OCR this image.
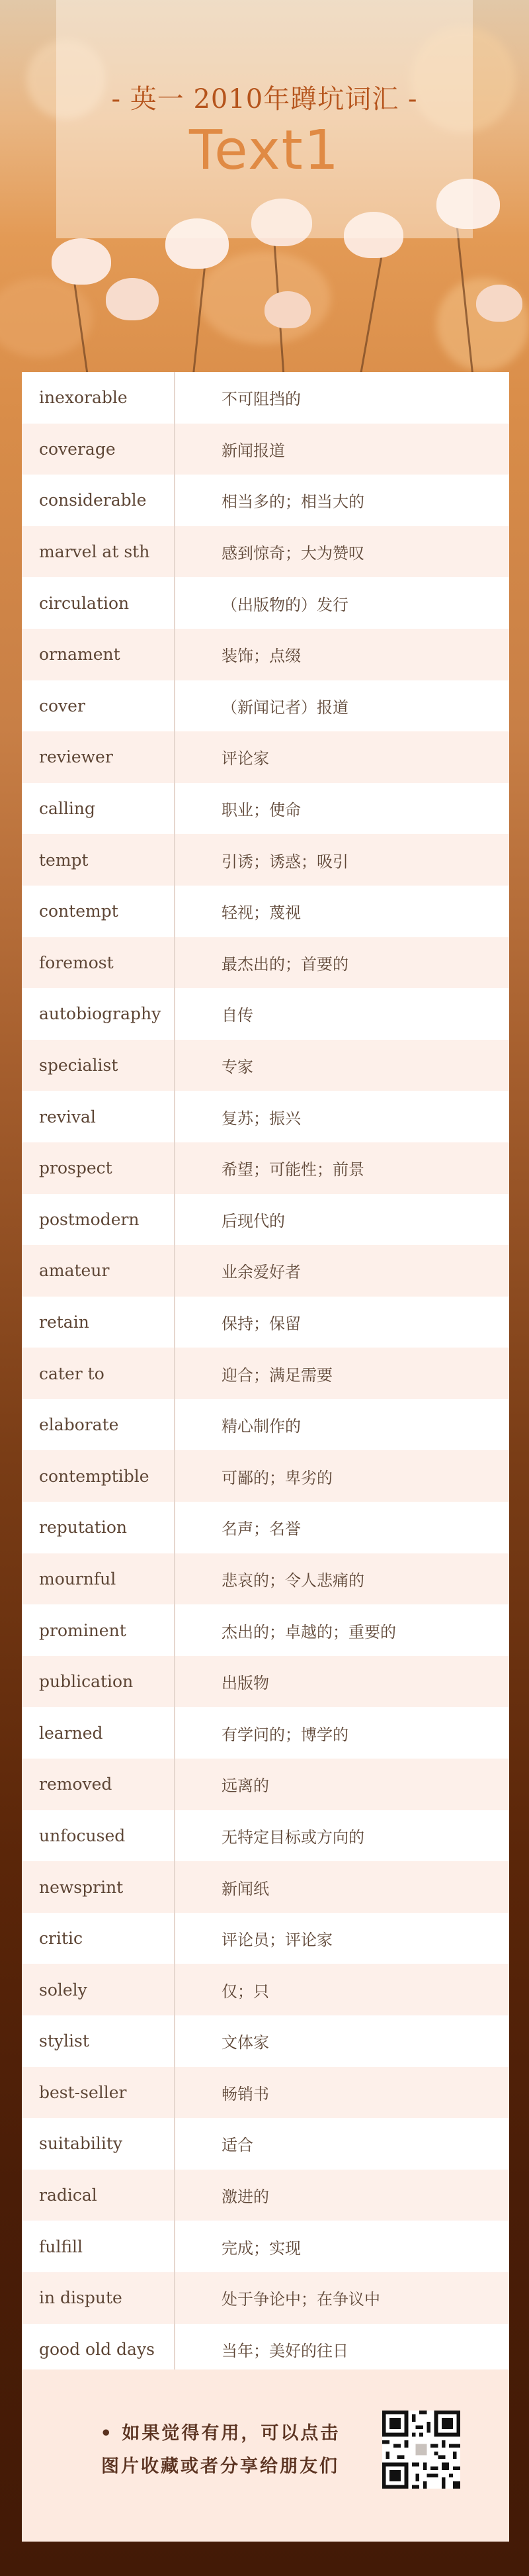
- 英一 2010年蹲坑词汇 -
Text1
inexorable	不可阻挡的
coverage	新闻报道
considerable	相当多的；相当大的
marvel at sth	感到惊奇；大为赞叹
circulation	（出版物的）发行
ornament	装饰；点缀
cover	（新闻记者）报道
reviewer	评论家
calling	职业；使命
tempt	引诱；诱惑；吸引
contempt	轻视；蔑视
foremost	最杰出的；首要的
autobiography	自传
specialist	专家
revival	复苏；振兴
prospect	希望；可能性；前景
postmodern	后现代的
amateur	业余爱好者
retain	保持；保留
cater to	迎合；满足需要
elaborate	精心制作的
contemptible	可鄙的；卑劣的
reputation	名声；名誉
mournful	悲哀的；令人悲痛的
prominent	杰出的；卓越的；重要的
publication	出版物
learned	有学问的；博学的
removed	远离的
unfocused	无特定目标或方向的
newsprint	新闻纸
critic	评论员；评论家
solely	仅；只
stylist	文体家
best-seller	畅销书
suitability	适合
radical	激进的
fulfill	完成；实现
in dispute	处于争论中；在争议中
good old days	当年；美好的往日
• 如果觉得有用，可以点击
图片收藏或者分享给朋友们
